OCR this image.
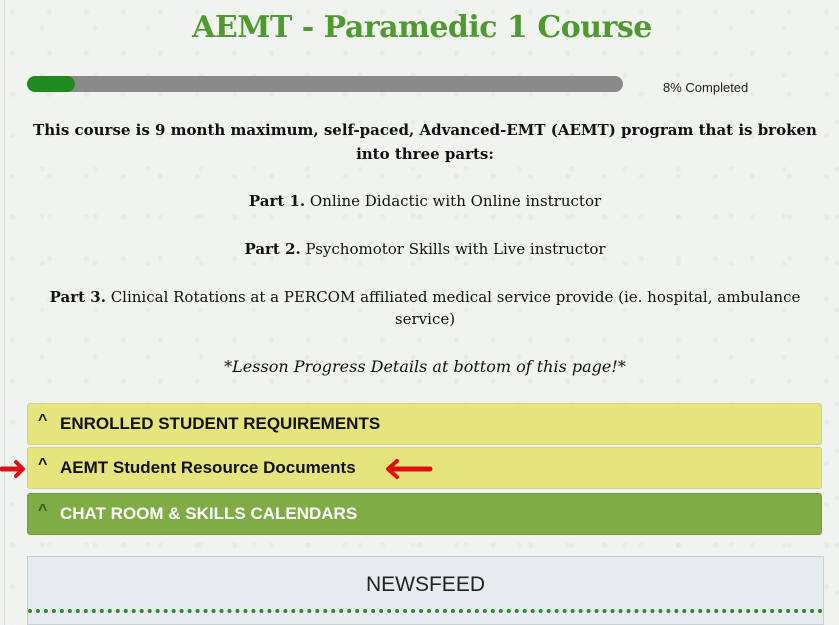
AEMT - Paramedic 1 Course
8% Completed

This course is 9 month maximum, self-paced, Advanced-EMT (AEMT) program that is broken into three parts:

Part 1. Online Didactic with Online instructor

Part 2. Psychomotor Skills with Live instructor

Part 3. Clinical Rotations at a PERCOM affiliated medical service provide (ie. hospital, ambulance service)

*Lesson Progress Details at bottom of this page!*

^ ENROLLED STUDENT REQUIREMENTS
^ AEMT Student Resource Documents
^ CHAT ROOM & SKILLS CALENDARS
NEWSFEED
